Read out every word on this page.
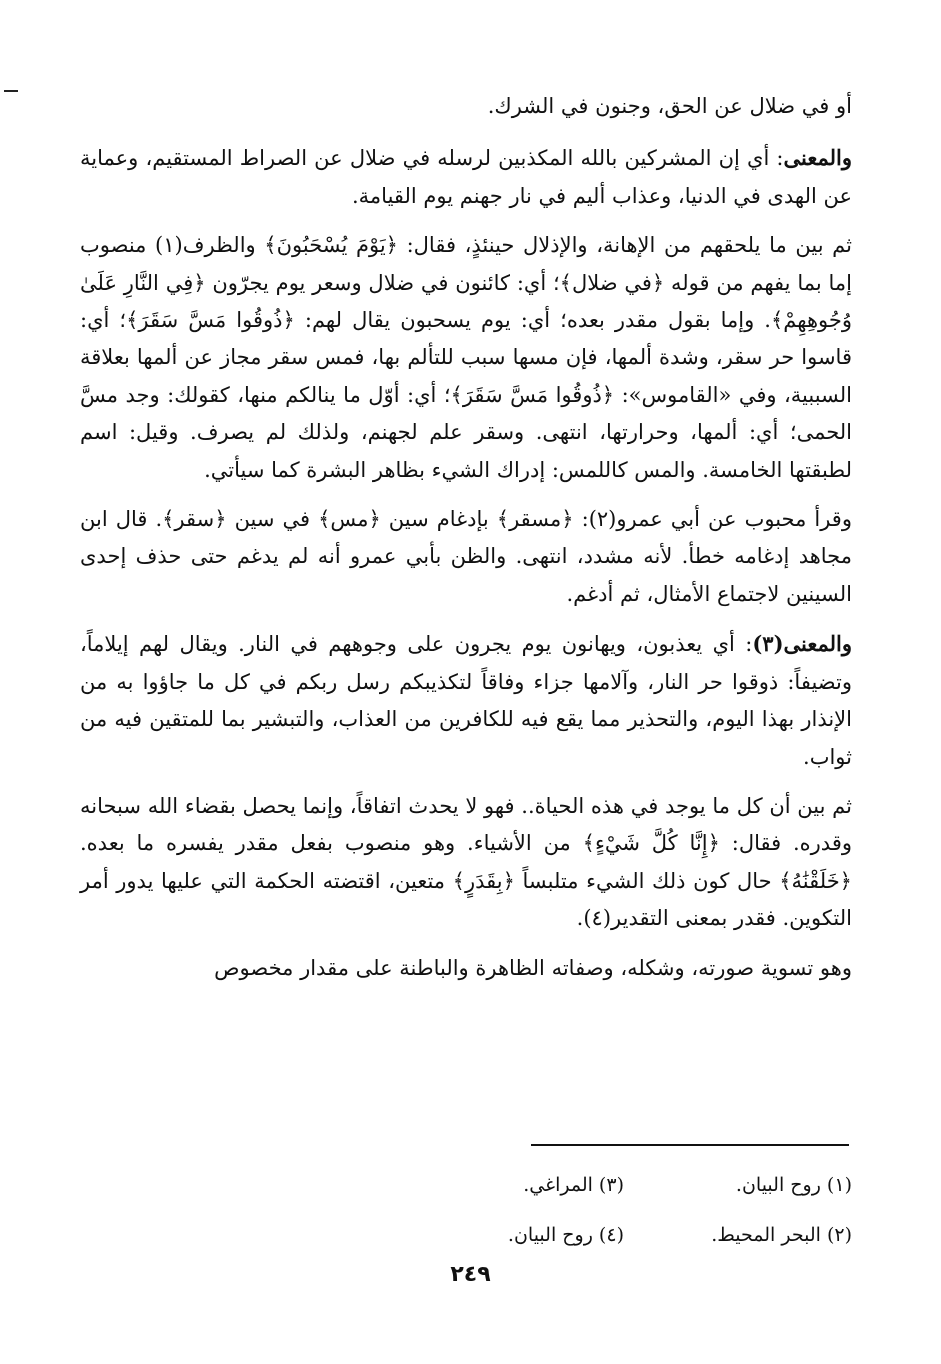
أو في ضلال عن الحق، وجنون في الشرك.

والمعنى: أي إن المشركين بالله المكذبين لرسله في ضلال عن الصراط المستقيم، وعماية عن الهدى في الدنيا، وعذاب أليم في نار جهنم يوم القيامة.

ثم بين ما يلحقهم من الإهانة، والإذلال حينئذٍ، فقال: ﴿يَوْمَ يُسْحَبُونَ﴾ والظرف(١) منصوب إما بما يفهم من قوله ﴿في ضلال﴾؛ أي: كائنون في ضلال وسعر يوم يجرّون ﴿فِي النَّارِ عَلَىٰ وُجُوهِهِمْ﴾. وإما بقول مقدر بعده؛ أي: يوم يسحبون يقال لهم: ﴿ذُوقُوا مَسَّ سَقَرَ﴾؛ أي: قاسوا حر سقر، وشدة ألمها، فإن مسها سبب للتألم بها، فمس سقر مجاز عن ألمها بعلاقة السببية، وفي «القاموس»: ﴿ذُوقُوا مَسَّ سَقَرَ﴾؛ أي: أوّل ما ينالكم منها، كقولك: وجد مسَّ الحمى؛ أي: ألمها، وحرارتها، انتهى. وسقر علم لجهنم، ولذلك لم يصرف. وقيل: اسم لطبقتها الخامسة. والمس كاللمس: إدراك الشيء بظاهر البشرة كما سيأتي.

وقرأ محبوب عن أبي عمرو(٢): ﴿مسقر﴾ بإدغام سين ﴿مس﴾ في سين ﴿سقر﴾. قال ابن مجاهد إدغامه خطأ. لأنه مشدد، انتهى. والظن بأبي عمرو أنه لم يدغم حتى حذف إحدى السينين لاجتماع الأمثال، ثم أدغم.

والمعنى(٣): أي يعذبون، ويهانون يوم يجرون على وجوههم في النار. ويقال لهم إيلاماً، وتضيفاً: ذوقوا حر النار، وآلامها جزاء وفاقاً لتكذيبكم رسل ربكم في كل ما جاؤوا به من الإنذار بهذا اليوم، والتحذير مما يقع فيه للكافرين من العذاب، والتبشير بما للمتقين فيه من ثواب.

ثم بين أن كل ما يوجد في هذه الحياة.. فهو لا يحدث اتفاقاً، وإنما يحصل بقضاء الله سبحانه وقدره. فقال: ﴿إِنَّا كُلَّ شَيْءٍ﴾ من الأشياء. وهو منصوب بفعل مقدر يفسره ما بعده. ﴿خَلَقْنَٰهُ﴾ حال كون ذلك الشيء متلبساً ﴿بِقَدَرٍ﴾ متعين، اقتضته الحكمة التي عليها يدور أمر التكوين. فقدر بمعنى التقدير(٤).

وهو تسوية صورته، وشكله، وصفاته الظاهرة والباطنة على مقدار مخصوص

(١) روح البيان.
(٣) المراغي.
(٢) البحر المحيط.
(٤) روح البيان.
٢٤٩
